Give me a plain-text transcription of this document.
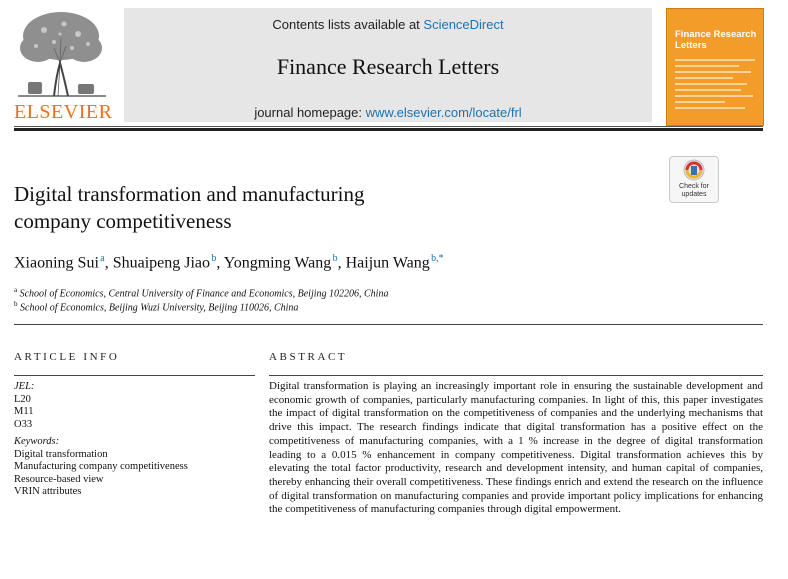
ELSEVIER
Contents lists available at ScienceDirect
Finance Research Letters
journal homepage: www.elsevier.com/locate/frl
Finance Research Letters
Check for
updates
Digital transformation and manufacturing
company competitiveness
Xiaoning Sui $^a$, Shuaipeng Jiao $^b$, Yongming Wang $^b$, Haijun Wang $^{b,*}$
$^a$ School of Economics, Central University of Finance and Economics, Beijing 102206, China
$^b$ School of Economics, Beijing Wuzi University, Beijing 110026, China
ARTICLE INFO	ABSTRACT
JEL:
L20
M11
O33
Keywords:
Digital transformation
Manufacturing company competitiveness
Resource-based view
VRIN attributes
Digital transformation is playing an increasingly important role in ensuring the sustainable development and economic growth of companies, particularly manufacturing companies. In light of this, this paper investigates the impact of digital transformation on the competitiveness of companies and the underlying mechanisms that drive this impact. The research findings indicate that digital transformation has a positive effect on the competitiveness of manufacturing companies, with a 1 % increase in the degree of digital transformation leading to a 0.015 % enhancement in company competitiveness. Digital transformation achieves this by elevating the total factor productivity, research and development intensity, and human capital of companies, thereby enhancing their overall competitiveness. These findings enrich and extend the research on the influence of digital transformation on manufacturing companies and provide important policy implications for enhancing the competitiveness of manufacturing companies through digital empowerment.
